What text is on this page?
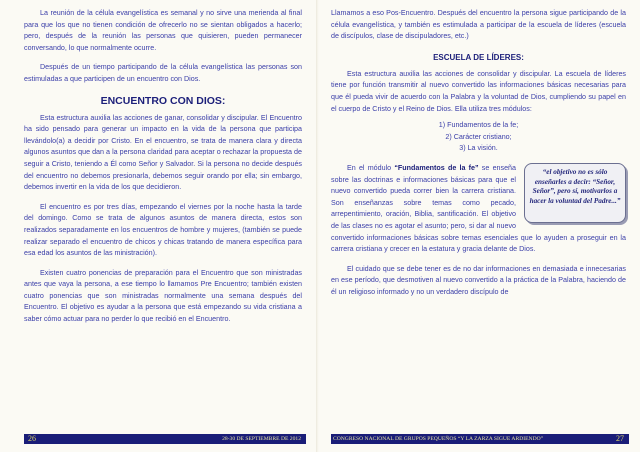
La reunión de la célula evangelística es semanal y no sirve una merienda al final para que los que no tienen condición de ofrecerlo no se sientan obligados a hacerlo; pero, después de la reunión las personas que quisieren, pueden permanecer conversando, lo que normalmente ocurre.

Después de un tiempo participando de la célula evangelística las personas son estimuladas a que participen de un encuentro con Dios.

ENCUENTRO CON DIOS:

Esta estructura auxilia las acciones de ganar, consolidar y discipular. El Encuentro ha sido pensado para generar un impacto en la vida de la persona que participa llevándolo(a) a decidir por Cristo. En el encuentro, se trata de manera clara y directa algunos asuntos que dan a la persona claridad para aceptar o rechazar la propuesta de seguir a Cristo, teniendo a Él como Señor y Salvador. Si la persona no decide después del encuentro no debemos presionarla, debemos seguir orando por ella; sin embargo, debemos invertir en la vida de los que decidieron.

El encuentro es por tres días, empezando el viernes por la noche hasta la tarde del domingo. Como se trata de algunos asuntos de manera directa, estos son realizados separadamente en los encuentros de hombre y mujeres, (también se puede realizar separado el encuentro de chicos y chicas tratando de manera específica para esa edad los asuntos de las ministración).

Existen cuatro ponencias de preparación para el Encuentro que son ministradas antes que vaya la persona, a ese tiempo lo llamamos Pre Encuentro; también existen cuatro ponencias que son ministradas normalmente una semana después del Encuentro. El objetivo es ayudar a la persona que está empezando su vida cristiana a saber cómo actuar para no perder lo que recibió en el Encuentro.

26	28-30 DE SEPTIEMBRE DE 2012

Llamamos a eso Pos-Encuentro. Después del encuentro la persona sigue participando de la célula evangelística, y también es estimulada a participar de la escuela de líderes (escuela de discípulos, clase de discipuladores, etc.)

ESCUELA DE LÍDERES:

Esta estructura auxilia las acciones de consolidar y discipular. La escuela de líderes tiene por función transmitir al nuevo convertido las informaciones básicas necesarias para que él pueda vivir de acuerdo con la Palabra y la voluntad de Dios, cumpliendo su papel en el cuerpo de Cristo y el Reino de Dios. Ella utiliza tres módulos:

1) Fundamentos de la fe;
2) Carácter cristiano;
3) La visión.
“el objetivo no es sólo enseñarles a decir: “Señor, Señor”, pero sí, motivarlos a hacer la voluntad del Padre...”

En el módulo “Fundamentos de la fe” se enseña sobre las doctrinas e informaciones básicas para que el nuevo convertido pueda correr bien la carrera cristiana. Son enseñanzas sobre temas como pecado, arrepentimiento, oración, Biblia, santificación. El objetivo de las clases no es agotar el asunto; pero, si dar al nuevo convertido informaciones básicas sobre temas esenciales que lo ayuden a proseguir en la carrera cristiana y crecer en la estatura y gracia delante de Dios.

El cuidado que se debe tener es de no dar informaciones en demasiada e innecesarias en ese período, que desmotiven al nuevo convertido a la práctica de la Palabra, haciendo de él un religioso informado y no un verdadero discípulo de

CONGRESO NACIONAL DE GRUPOS PEQUEÑOS “Y LA ZARZA SIGUE ARDIENDO”	27
